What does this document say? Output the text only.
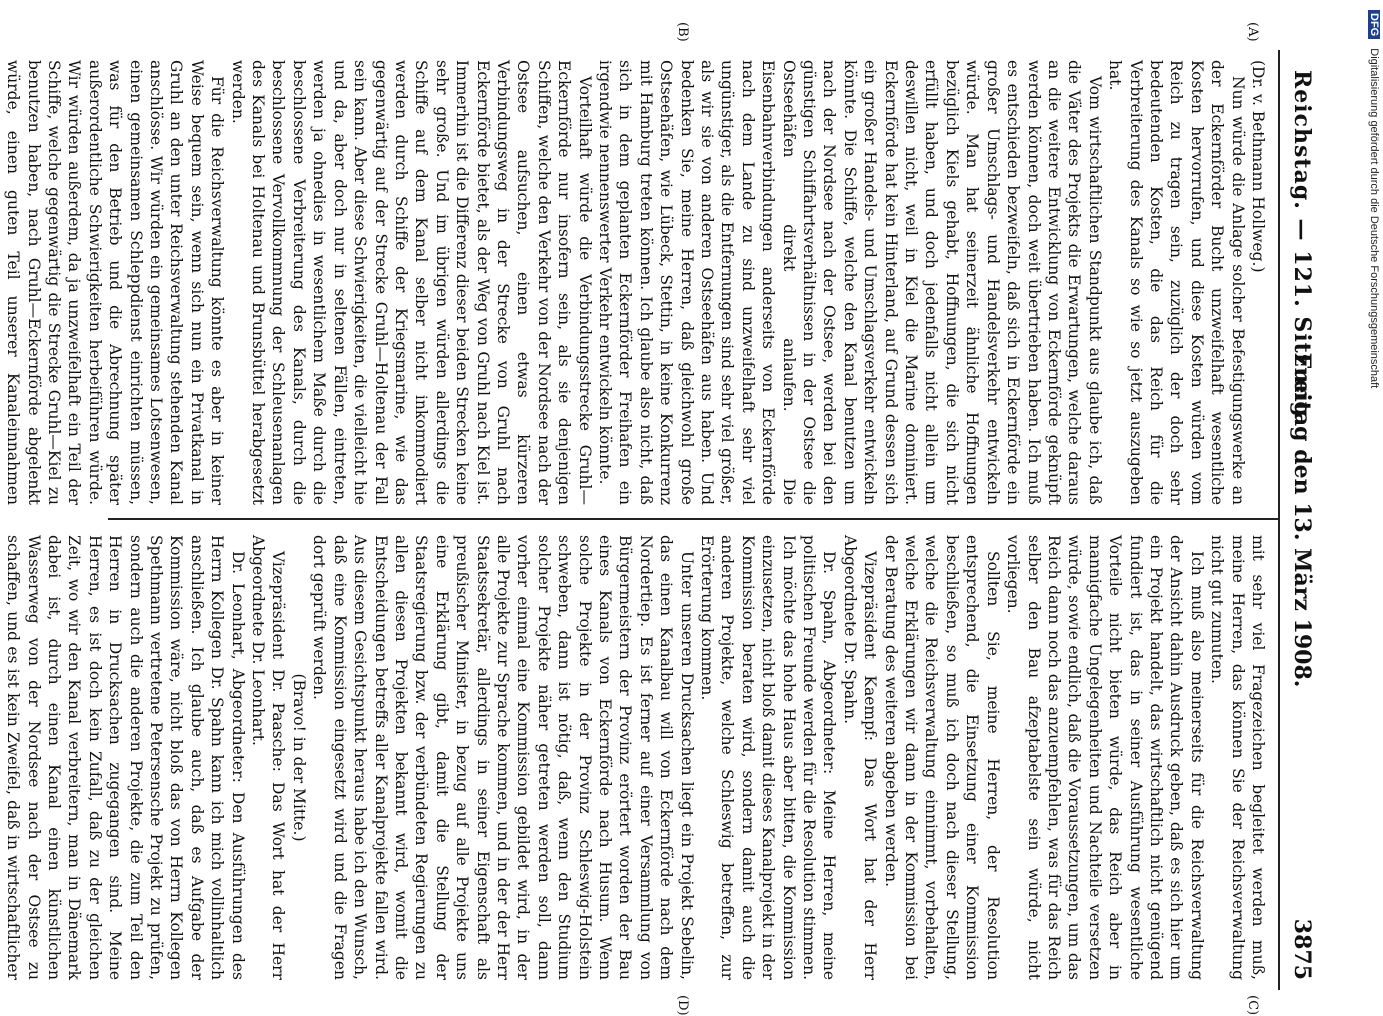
Reichstag. — 121. Sitzung.
Freitag den 13. März 1908.
3875
(A)
(B)
(C)
(D)

(Dr. v. Bethmann Hollweg.)

Nun würde die Anlage solcher Befestigungswerke an der Eckernförder Bucht unzweifelhaft wesentliche Kosten hervorrufen, und diese Kosten würden vom Reich zu tragen sein, zuzüglich der doch sehr bedeutenden Kosten, die das Reich für die Verbreiterung des Kanals so wie so jetzt auszugeben hat.

Vom wirtschaftlichen Standpunkt aus glaube ich, daß die Väter des Projekts die Erwartungen, welche daraus an die weitere Entwicklung von Eckernförde geknüpft werden können, doch weit übertrieben haben. Ich muß es entschieden bezweifeln, daß sich in Eckernförde ein großer Umschlags- und Handelsverkehr entwickeln würde. Man hat seinerzeit ähnliche Hoffnungen bezüglich Kiels gehabt, Hoffnungen, die sich nicht erfüllt haben, und doch jedenfalls nicht allein um deswillen nicht, weil in Kiel die Marine dominiert. Eckernförde hat kein Hinterland, auf Grund dessen sich ein großer Handels- und Umschlagsverkehr entwickeln könnte. Die Schiffe, welche den Kanal benutzen um nach der Nordsee nach der Ostsee, werden bei den günstigen Schiffahrtsverhältnissen in der Ostsee die Ostseehäfen direkt anlaufen. Die Eisenbahnverbindungen anderseits von Eckernförde nach dem Lande zu sind unzweifelhaft sehr viel ungünstiger, als die Entfernungen sind sehr viel größer, als wir sie von anderen Ostseehäfen aus haben. Und bedenken Sie, meine Herren, daß gleichwohl große Ostseehäfen, wie Lübeck, Stettin, in keine Konkurrenz mit Hamburg treten können. Ich glaube also nicht, daß sich in dem geplanten Eckernförder Freihafen ein irgendwie nennenswerter Verkehr entwickeln könnte.

Vorteilhaft würde die Verbindungsstrecke Gruhl—Eckernförde nur insofern sein, als sie denjenigen Schiffen, welche den Verkehr von der Nordsee nach der Ostsee aufsuchen, einen etwas kürzeren Verbindungsweg in der Strecke von Gruhl nach Eckernförde bietet, als der Weg von Gruhl nach Kiel ist. Immerhin ist die Differenz dieser beiden Strecken keine sehr große. Und im übrigen würden allerdings die Schiffe auf dem Kanal selber nicht inkommodiert werden durch Schiffe der Kriegsmarine, wie das gegenwärtig auf der Strecke Gruhl—Holtenau der Fall sein kann. Aber diese Schwierigkeiten, die vielleicht hie und da, aber doch nur in seltenen Fällen, eintreten, werden ja ohnedies in wesentlichem Maße durch die beschlossene Verbreiterung des Kanals, durch die beschlossene Vervollkommnung der Schleusenanlagen des Kanals bei Holtenau und Brunsbüttel herabgesetzt werden.

Für die Reichsverwaltung könnte es aber in keiner Weise bequem sein, wenn sich nun ein Privatkanal in Gruhl an den unter Reichsverwaltung stehenden Kanal anschlösse. Wir würden ein gemeinsames Lotsenwesen, einen gemeinsamen Schleppdienst einrichten müssen, was für den Betrieb und die Abrechnung später außerordentliche Schwierigkeiten herbeiführen würde. Wir würden außerdem, da ja unzweifelhaft ein Teil der Schiffe, welche gegenwärtig die Strecke Gruhl—Kiel zu benutzen haben, nach Gruhl—Eckernförde abgelenkt würde, einen guten Teil unserer Kanaleinnahmen

mit sehr viel Fragezeichen begleitet werden muß, meine Herren, das können Sie der Reichsverwaltung nicht gut zumuten.

Ich muß also meinerseits für die Reichsverwaltung der Ansicht dahin Ausdruck geben, daß es sich hier um ein Projekt handelt, das wirtschaftlich nicht genügend fundiert ist, das in seiner Ausführung wesentliche Vorteile nicht bieten würde, das Reich aber in mannigfache Ungelegenheiten und Nachteile versetzen würde, sowie endlich, daß die Voraussetzungen, um das Reich dann noch das anzuempfehlen, was für das Reich selber den Bau afzeptabelste sein würde, nicht vorliegen.

Sollten Sie, meine Herren, der Resolution entsprechend, die Einsetzung einer Kommission beschließen, so muß ich doch nach dieser Stellung, welche die Reichsverwaltung einnimmt, vorbehalten, welche Erklärungen wir dann in der Kommission bei der Beratung des weiteren abgeben werden.

Vizepräsident Kaempf: Das Wort hat der Herr Abgeordnete Dr. Spahn.

Dr. Spahn, Abgeordneter: Meine Herren, meine politischen Freunde werden für die Resolution stimmen. Ich möchte das hohe Haus aber bitten, die Kommission einzusetzen, nicht bloß damit dieses Kanalprojekt in der Kommission beraten wird, sondern damit auch die anderen Projekte, welche Schleswig betreffen, zur Erörterung kommen.

Unter unseren Drucksachen liegt ein Projekt Sebelin, das einen Kanalbau will von Eckernförde nach dem Nordertiep. Es ist ferner auf einer Versammlung von Bürgermeistern der Provinz erörtert worden der Bau eines Kanals von Eckernförde nach Husum. Wenn solche Projekte in der Provinz Schleswig-Holstein schweben, dann ist nötig, daß, wenn den Studium solcher Projekte näher getreten werden soll, dann vorher einmal eine Kommission gebildet wird, in der alle Projekte zur Sprache kommen, und in der der Herr Staatssekretär, allerdings in seiner Eigenschaft als preußischer Minister, in bezug auf alle Projekte uns eine Erklärung gibt, damit die Stellung der Staatsregierung bzw. der verbündeten Regierungen zu allen diesen Projekten bekannt wird, womit die Entscheidungen betreffs aller Kanalprojekte fallen wird. Aus diesem Gesichtspunkt heraus habe ich den Wunsch, daß eine Kommission eingesetzt wird und die Fragen dort geprüft werden.

(Bravo! in der Mitte.)

Vizepräsident Dr. Paasche: Das Wort hat der Herr Abgeordnete Dr. Leonhart.

Dr. Leonhart, Abgeordneter: Den Ausführungen des Herrn Kollegen Dr. Spahn kann ich mich vollinhaltlich anschließen. Ich glaube auch, daß es Aufgabe der Kommission wäre, nicht bloß das von Herrn Kollegen Spethmann vertretene Petersensche Projekt zu prüfen, sondern auch die anderen Projekte, die zum Teil den Herren in Drucksachen zugegangen sind. Meine Herren, es ist doch kein Zufall, daß zu der gleichen Zeit, wo wir den Kanal verbreitern, man in Dänemark dabei ist, durch einen Kanal einen künstlichen Wasserweg von der Nordsee nach der Ostsee zu schaffen, und es ist kein Zweifel, daß in wirtschaftlicher

DFG Digitalisierung gefördert durch die Deutsche Forschungsgemeinschaft
